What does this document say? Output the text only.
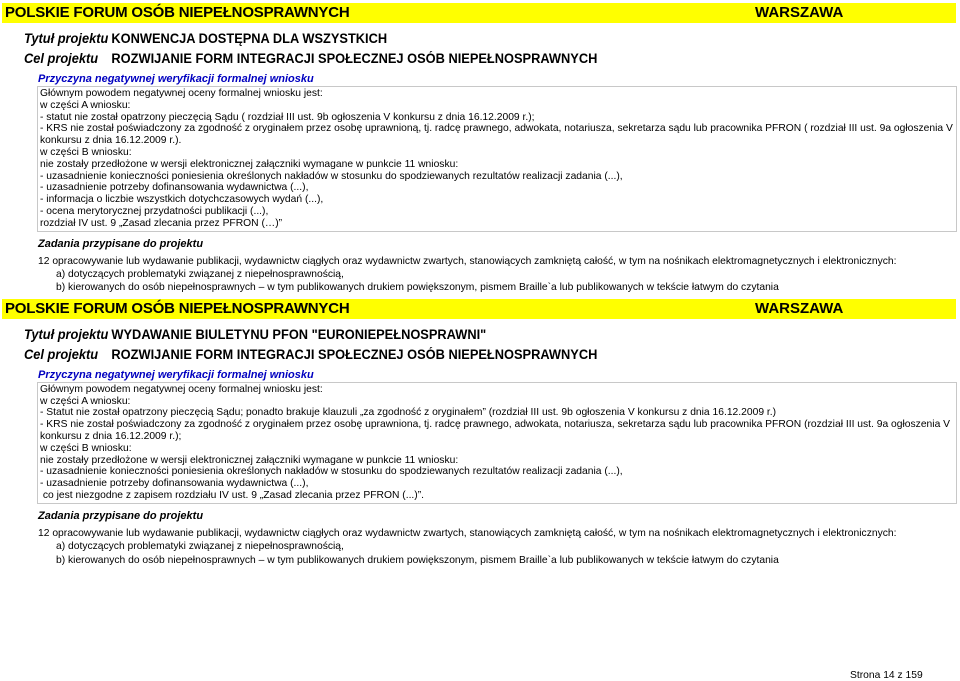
POLSKIE FORUM OSÓB NIEPEŁNOSPRAWNYCH	WARSZAWA
Tytuł projektu KONWENCJA DOSTĘPNA DLA WSZYSTKICH
Cel projektu ROZWIJANIE FORM INTEGRACJI SPOŁECZNEJ OSÓB NIEPEŁNOSPRAWNYCH
Przyczyna negatywnej weryfikacji formalnej wniosku
Głównym powodem negatywnej oceny formalnej wniosku jest:
w części A wniosku:
- statut nie został opatrzony pieczęcią Sądu ( rozdział III ust. 9b ogłoszenia V konkursu z dnia 16.12.2009 r.);
- KRS nie został poświadczony za zgodność z oryginałem przez osobę uprawnioną, tj. radcę prawnego, adwokata, notariusza, sekretarza sądu lub pracownika PFRON ( rozdział III ust. 9a ogłoszenia V konkursu z dnia 16.12.2009 r.).
w części B wniosku:
nie zostały przedłożone w wersji elektronicznej załączniki wymagane w punkcie 11 wniosku:
- uzasadnienie konieczności poniesienia określonych nakładów w stosunku do spodziewanych rezultatów realizacji zadania (...),
- uzasadnienie potrzeby dofinansowania wydawnictwa (...),
- informacja o liczbie wszystkich dotychczasowych wydań (...),
- ocena merytorycznej przydatności publikacji (...),
rozdział IV ust. 9 „Zasad zlecania przez PFRON (…)”
Zadania przypisane do projektu
12 opracowywanie lub wydawanie publikacji, wydawnictw ciągłych oraz wydawnictw zwartych, stanowiących zamkniętą całość, w tym na nośnikach elektromagnetycznych i elektronicznych:
a) dotyczących problematyki związanej z niepełnosprawnością,
b) kierowanych do osób niepełnosprawnych – w tym publikowanych drukiem powiększonym, pismem Braille`a lub publikowanych w tekście łatwym do czytania
POLSKIE FORUM OSÓB NIEPEŁNOSPRAWNYCH	WARSZAWA
Tytuł projektu WYDAWANIE BIULETYNU PFON "EURONIEPEŁNOSPRAWNI"
Cel projektu ROZWIJANIE FORM INTEGRACJI SPOŁECZNEJ OSÓB NIEPEŁNOSPRAWNYCH
Przyczyna negatywnej weryfikacji formalnej wniosku
Głównym powodem negatywnej oceny formalnej wniosku jest:
w części A wniosku:
- Statut nie został opatrzony pieczęcią Sądu; ponadto brakuje klauzuli „za zgodność z oryginałem” (rozdział III ust. 9b ogłoszenia V konkursu z dnia 16.12.2009 r.)
- KRS nie został poświadczony za zgodność z oryginałem przez osobę uprawniona, tj. radcę prawnego, adwokata, notariusza, sekretarza sądu lub pracownika PFRON (rozdział III ust. 9a ogłoszenia V konkursu z dnia 16.12.2009 r.);
w części B wniosku:
nie zostały przedłożone w wersji elektronicznej załączniki wymagane w punkcie 11 wniosku:
- uzasadnienie konieczności poniesienia określonych nakładów w stosunku do spodziewanych rezultatów realizacji zadania (...),
- uzasadnienie potrzeby dofinansowania wydawnictwa (...),
co jest niezgodne z zapisem rozdziału IV ust. 9 „Zasad zlecania przez PFRON (...)”.
Zadania przypisane do projektu
12 opracowywanie lub wydawanie publikacji, wydawnictw ciągłych oraz wydawnictw zwartych, stanowiących zamkniętą całość, w tym na nośnikach elektromagnetycznych i elektronicznych:
a) dotyczących problematyki związanej z niepełnosprawnością,
b) kierowanych do osób niepełnosprawnych – w tym publikowanych drukiem powiększonym, pismem Braille`a lub publikowanych w tekście łatwym do czytania
Strona 14 z 159
